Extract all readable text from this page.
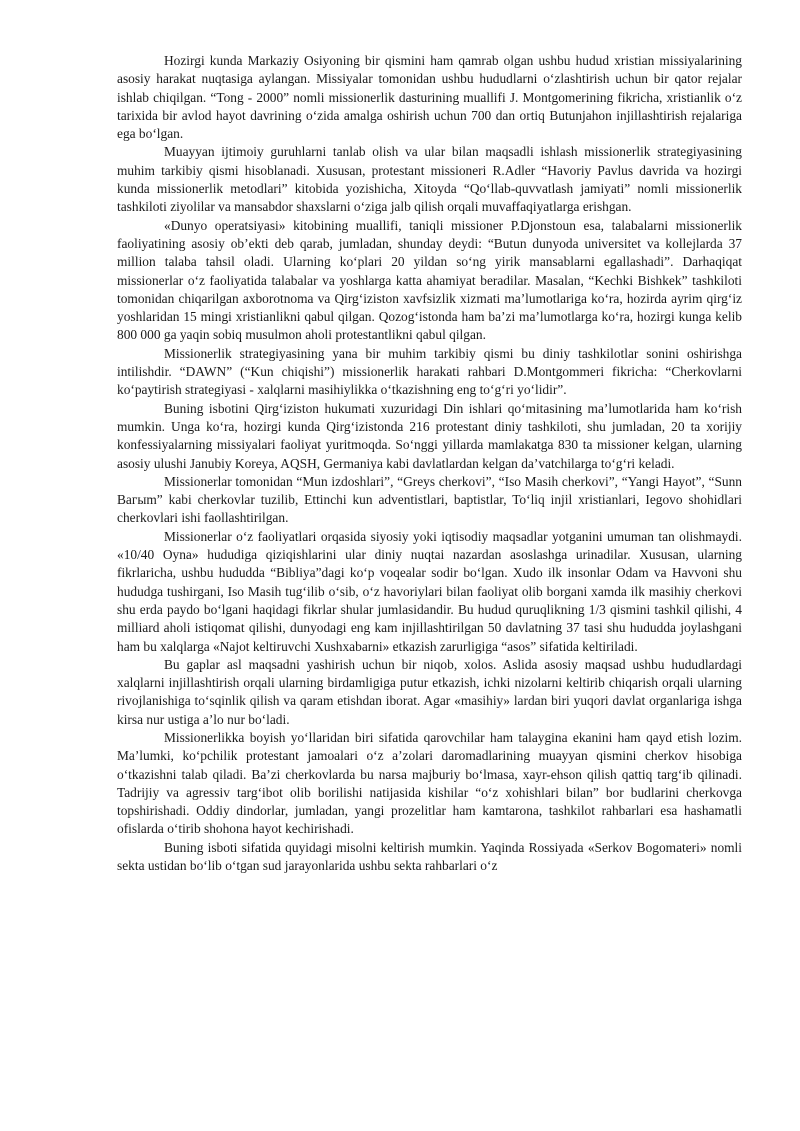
Hozirgi kunda Markaziy Osiyoning bir qismini ham qamrab olgan ushbu hudud xristian missiyalarining asosiy harakat nuqtasiga aylangan. Missiyalar tomonidan ushbu hududlarni oʻzlashtirish uchun bir qator rejalar ishlab chiqilgan. “Tong - 2000” nomli missionerlik dasturining muallifi J. Montgomerining fikricha, xristianlik oʻz tarixida bir avlod hayot davrining oʻzida amalga oshirish uchun 700 dan ortiq Butunjahon injillashtirish rejalariga ega boʻlgan.

Muayyan ijtimoiy guruhlarni tanlab olish va ular bilan maqsadli ishlash missionerlik strategiyasining muhim tarkibiy qismi hisoblanadi. Xususan, protestant missioneri R.Adler “Havoriy Pavlus davrida va hozirgi kunda missionerlik metodlari” kitobida yozishicha, Xitoyda “Qoʻllab-quvvatlash jamiyati” nomli missionerlik tashkiloti ziyolilar va mansabdor shaxslarni oʻziga jalb qilish orqali muvaffaqiyatlarga erishgan.

«Dunyo operatsiyasi» kitobining muallifi, taniqli missioner P.Djonstoun esa, talabalarni missionerlik faoliyatining asosiy obʼekti deb qarab, jumladan, shunday deydi: “Butun dunyoda universitet va kollejlarda 37 million talaba tahsil oladi. Ularning koʻplari 20 yildan soʻng yirik mansablarni egallashadi”. Darhaqiqat missionerlar oʻz faoliyatida talabalar va yoshlarga katta ahamiyat beradilar. Masalan, “Kechki Bishkek” tashkiloti tomonidan chiqarilgan axborotnoma va Qirgʻiziston xavfsizlik xizmati maʼlumotlariga koʻra, hozirda ayrim qirgʻiz yoshlaridan 15 mingi xristianlikni qabul qilgan. Qozogʻistonda ham baʼzi maʼlumotlarga koʻra, hozirgi kunga kelib 800 000 ga yaqin sobiq musulmon aholi protestantlikni qabul qilgan.

Missionerlik strategiyasining yana bir muhim tarkibiy qismi bu diniy tashkilotlar sonini oshirishga intilishdir. “DAWN” (“Kun chiqishi”) missionerlik harakati rahbari D.Montgommeri fikricha: “Cherkovlarni koʻpaytirish strategiyasi - xalqlarni masihiylikka oʻtkazishning eng toʻgʻri yoʻlidir”.

Buning isbotini Qirgʻiziston hukumati xuzuridagi Din ishlari qoʻmitasining maʼlumotlarida ham koʻrish mumkin. Unga koʻra, hozirgi kunda Qirgʻizistonda 216 protestant diniy tashkiloti, shu jumladan, 20 ta xorijiy konfessiyalarning missiyalari faoliyat yuritmoqda. Soʻnggi yillarda mamlakatga 830 ta missioner kelgan, ularning asosiy ulushi Janubiy Koreya, AQSH, Germaniya kabi davlatlardan kelgan daʼvatchilarga toʻgʻri keladi.

Missionerlar tomonidan “Mun izdoshlari”, “Greys cherkovi”, “Iso Masih cherkovi”, “Yangi Hayot”, “Sunn Вагыm” kabi cherkovlar tuzilib, Ettinchi kun adventistlari, baptistlar, Toʻliq injil xristianlari, Iegovo shohidlari cherkovlari ishi faollashtirilgan.

Missionerlar oʻz faoliyatlari orqasida siyosiy yoki iqtisodiy maqsadlar yotganini umuman tan olishmaydi. «10/40 Oyna» hududiga qiziqishlarini ular diniy nuqtai nazardan asoslashga urinadilar. Xususan, ularning fikrlaricha, ushbu hududda “Bibliya”dagi koʻp voqealar sodir boʻlgan. Xudo ilk insonlar Odam va Havvoni shu hududga tushirgani, Iso Masih tugʻilib oʻsib, oʻz havoriylari bilan faoliyat olib borgani xamda ilk masihiy cherkovi shu erda paydo boʻlgani haqidagi fikrlar shular jumlasidandir. Bu hudud quruqlikning 1/3 qismini tashkil qilishi, 4 milliard aholi istiqomat qilishi, dunyodagi eng kam injillashtirilgan 50 davlatning 37 tasi shu hududda joylashgani ham bu xalqlarga «Najot keltiruvchi Xushxabarni» etkazish zarurligiga “asos” sifatida keltiriladi.

Bu gaplar asl maqsadni yashirish uchun bir niqob, xolos. Aslida asosiy maqsad ushbu hududlardagi xalqlarni injillashtirish orqali ularning birdamligiga putur etkazish, ichki nizolarni keltirib chiqarish orqali ularning rivojlanishiga toʻsqinlik qilish va qaram etishdan iborat. Agar «masihiy» lardan biri yuqori davlat organlariga ishga kirsa nur ustiga aʼlo nur boʻladi.

Missionerlikka boyish yoʻllaridan biri sifatida qarovchilar ham talaygina ekanini ham qayd etish lozim. Maʼlumki, koʻpchilik protestant jamoalari oʻz aʼzolari daromadlarining muayyan qismini cherkov hisobiga oʻtkazishni talab qiladi. Baʼzi cherkovlarda bu narsa majburiy boʻlmasa, xayr-ehson qilish qattiq targʻib qilinadi. Tadrijiy va agressiv targʻibot olib borilishi natijasida kishilar “oʻz xohishlari bilan” bor budlarini cherkovga topshirishadi. Oddiy dindorlar, jumladan, yangi prozelitlar ham kamtarona, tashkilot rahbarlari esa hashamatli ofislarda oʻtirib shohona hayot kechirishadi.

Buning isboti sifatida quyidagi misolni keltirish mumkin. Yaqinda Rossiyada «Serkov Bogomateri» nomli sekta ustidan boʻlib oʻtgan sud jarayonlarida ushbu sekta rahbarlari oʻz
